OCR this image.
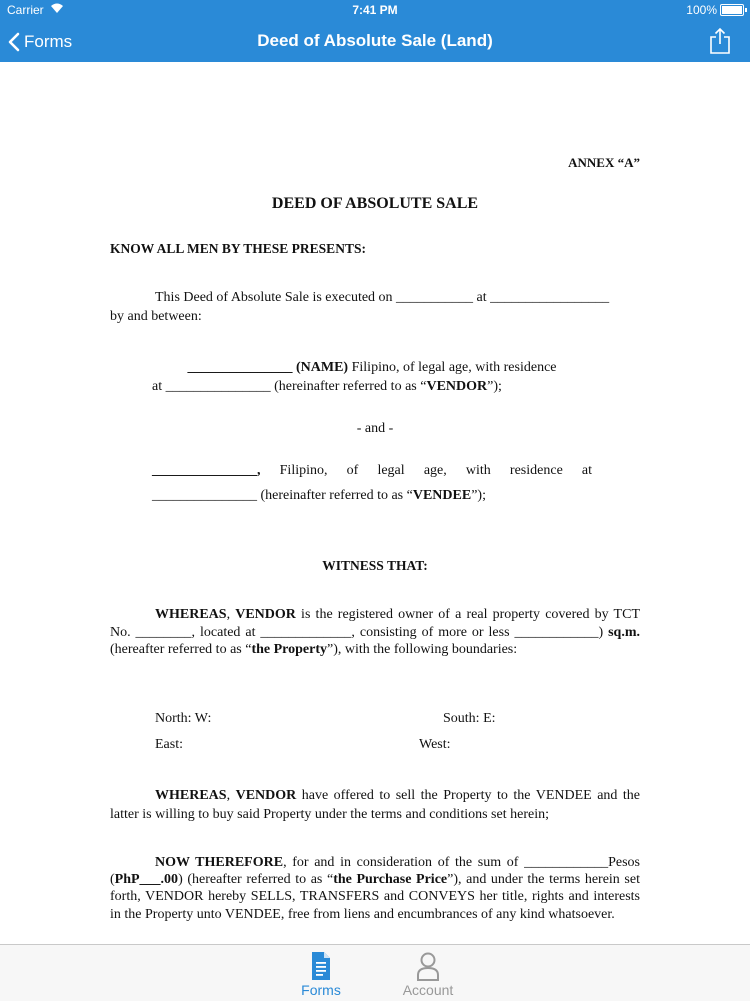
Carrier	7:41 PM	100%
Forms	Deed of Absolute Sale (Land)
ANNEX “A”
DEED OF ABSOLUTE SALE
KNOW ALL MEN BY THESE PRESENTS:
This Deed of Absolute Sale is executed on ___________ at _________________
by and between:
_______________ (NAME) Filipino, of legal age, with residence
at _______________ (hereinafter referred to as “VENDOR”);
- and -
_______________, Filipino, of legal age, with residence at
_______________ (hereinafter referred to as “VENDEE”);
WITNESS THAT:
WHEREAS, VENDOR is the registered owner of a real property covered by TCT No. ________, located at _____________, consisting of more or less ____________) sq.m. (hereafter referred to as “the Property”), with the following boundaries:
North: W:	South: E:
East:	West:
WHEREAS, VENDOR have offered to sell the Property to the VENDEE and the latter is willing to buy said Property under the terms and conditions set herein;
NOW THEREFORE, for and in consideration of the sum of ____________Pesos (PhP___.00) (hereafter referred to as “the Purchase Price”), and under the terms herein set forth, VENDOR hereby SELLS, TRANSFERS and CONVEYS her title, rights and interests in the Property unto VENDEE, free from liens and encumbrances of any kind whatsoever.
Forms	Account
